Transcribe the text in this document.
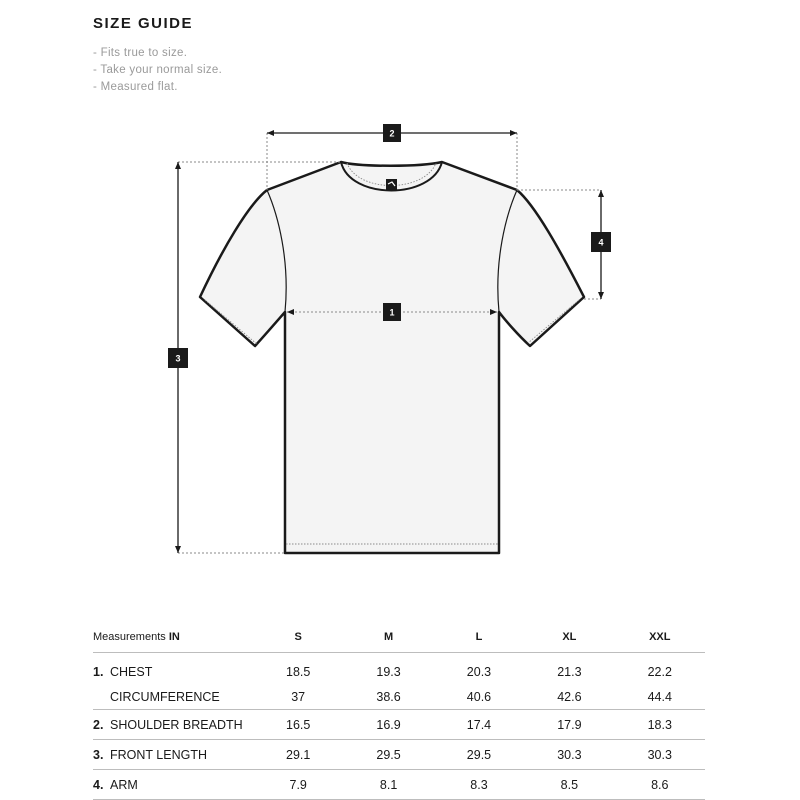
SIZE GUIDE
- Fits true to size.
- Take your normal size.
- Measured flat.
2
1
3
4
Measurements IN	S	M	L	XL	XXL
1. CHEST	18.5	19.3	20.3	21.3	22.2
CIRCUMFERENCE	37	38.6	40.6	42.6	44.4
2. SHOULDER BREADTH	16.5	16.9	17.4	17.9	18.3
3. FRONT LENGTH	29.1	29.5	29.5	30.3	30.3
4. ARM	7.9	8.1	8.3	8.5	8.6
